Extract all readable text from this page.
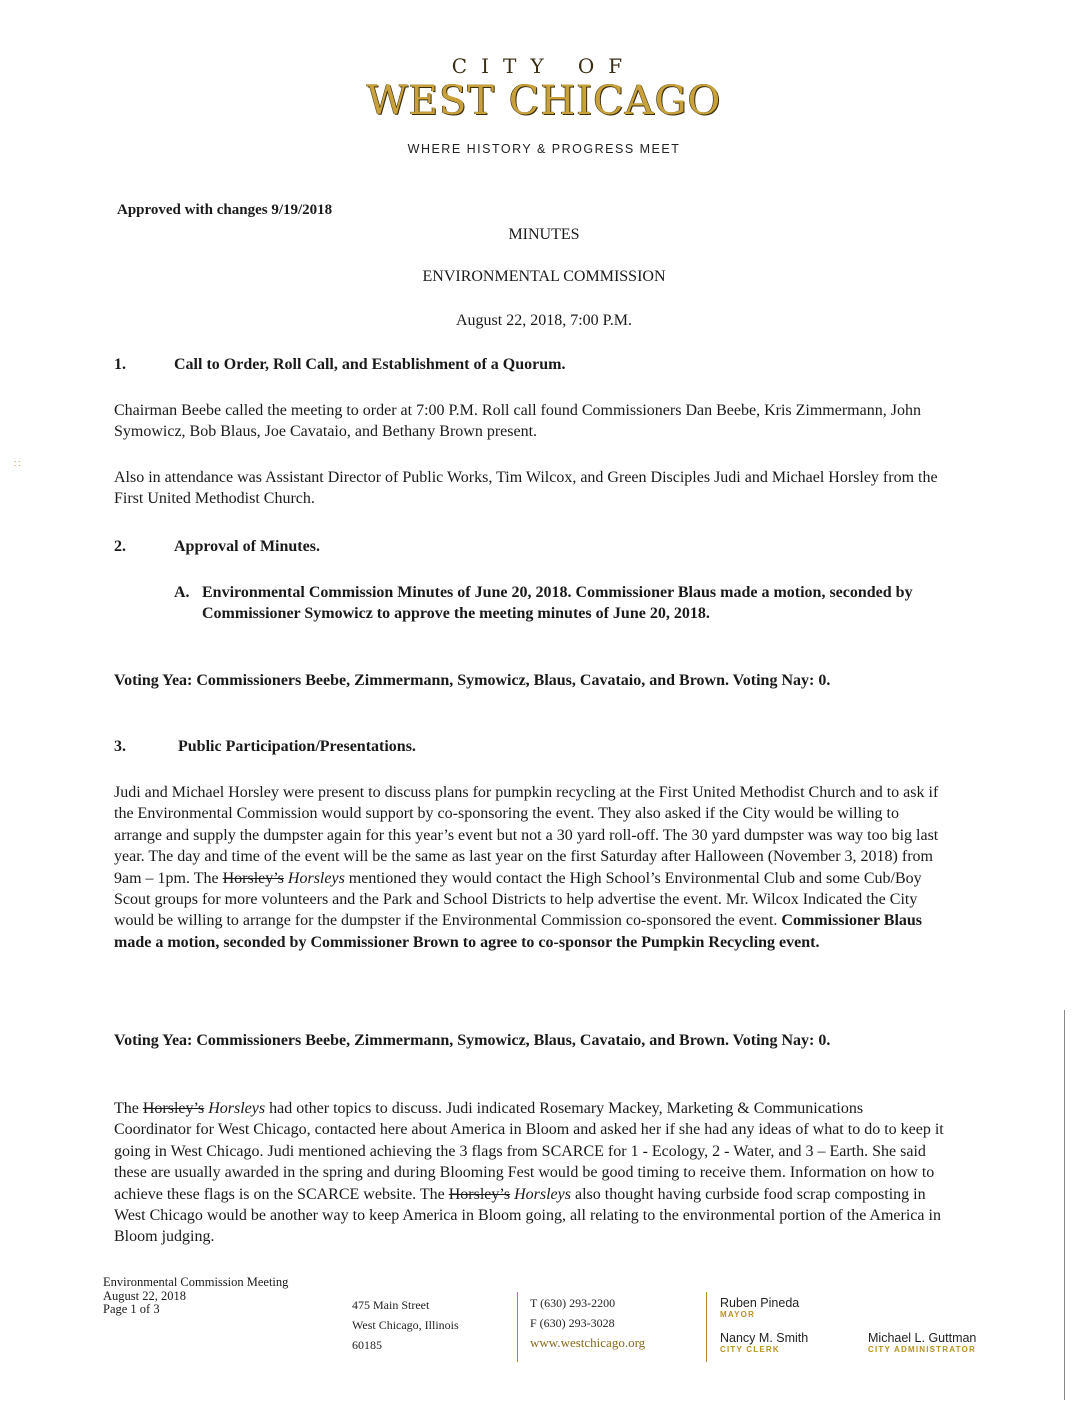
CITY OF
WEST CHICAGO
WHERE HISTORY & PROGRESS MEET
Approved with changes 9/19/2018
MINUTES
ENVIRONMENTAL COMMISSION
August 22, 2018, 7:00 P.M.
1.	Call to Order, Roll Call, and Establishment of a Quorum.
Chairman Beebe called the meeting to order at 7:00 P.M. Roll call found Commissioners Dan Beebe, Kris Zimmermann, John Symowicz, Bob Blaus, Joe Cavataio, and Bethany Brown present.
Also in attendance was Assistant Director of Public Works, Tim Wilcox, and Green Disciples Judi and Michael Horsley from the First United Methodist Church.
2.	Approval of Minutes.
A. Environmental Commission Minutes of June 20, 2018. Commissioner Blaus made a motion, seconded by Commissioner Symowicz to approve the meeting minutes of June 20, 2018.
Voting Yea: Commissioners Beebe, Zimmermann, Symowicz, Blaus, Cavataio, and Brown. Voting Nay: 0.
3.	Public Participation/Presentations.
Judi and Michael Horsley were present to discuss plans for pumpkin recycling at the First United Methodist Church and to ask if the Environmental Commission would support by co-sponsoring the event. They also asked if the City would be willing to arrange and supply the dumpster again for this year’s event but not a 30 yard roll-off. The 30 yard dumpster was way too big last year. The day and time of the event will be the same as last year on the first Saturday after Halloween (November 3, 2018) from 9am – 1pm. The Horsley’s Horsleys mentioned they would contact the High School’s Environmental Club and some Cub/Boy Scout groups for more volunteers and the Park and School Districts to help advertise the event. Mr. Wilcox Indicated the City would be willing to arrange for the dumpster if the Environmental Commission co-sponsored the event. Commissioner Blaus made a motion, seconded by Commissioner Brown to agree to co-sponsor the Pumpkin Recycling event.
Voting Yea: Commissioners Beebe, Zimmermann, Symowicz, Blaus, Cavataio, and Brown. Voting Nay: 0.
The Horsley’s Horsleys had other topics to discuss. Judi indicated Rosemary Mackey, Marketing & Communications Coordinator for West Chicago, contacted here about America in Bloom and asked her if she had any ideas of what to do to keep it going in West Chicago. Judi mentioned achieving the 3 flags from SCARCE for 1 - Ecology, 2 - Water, and 3 – Earth. She said these are usually awarded in the spring and during Blooming Fest would be good timing to receive them. Information on how to achieve these flags is on the SCARCE website. The Horsley’s Horsleys also thought having curbside food scrap composting in West Chicago would be another way to keep America in Bloom going, all relating to the environmental portion of the America in Bloom judging.
Environmental Commission Meeting
August 22, 2018
Page 1 of 3	475 Main Street
West Chicago, Illinois
60185
T (630) 293-2200
F (630) 293-3028
www.westchicago.org
Ruben Pineda
MAYOR
Nancy M. Smith
CITY CLERK
Michael L. Guttman
CITY ADMINISTRATOR
∷
